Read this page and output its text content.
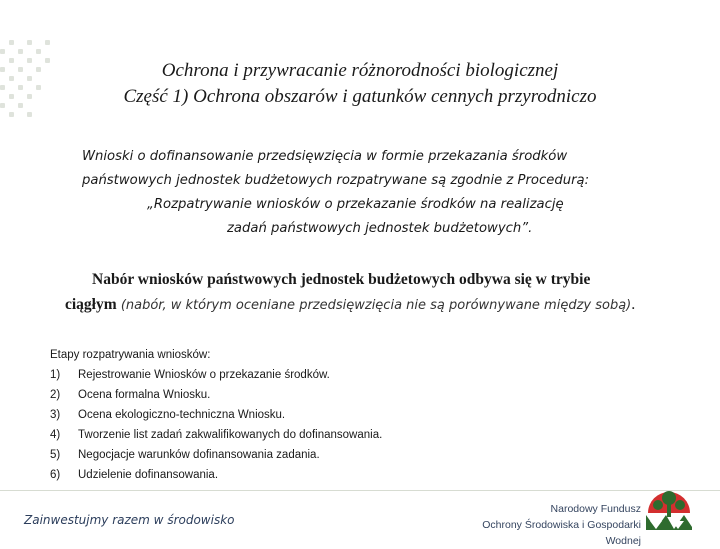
Ochrona i przywracanie różnorodności biologicznej
Część 1) Ochrona obszarów i gatunków cennych przyrodniczo
Wnioski o dofinansowanie przedsięwzięcia w formie przekazania środków
państwowych jednostek budżetowych rozpatrywane są zgodnie z Procedurą:
„Rozpatrywanie wniosków o przekazanie środków na realizację
zadań państwowych jednostek budżetowych”.
Nabór wniosków państwowych jednostek budżetowych odbywa się w trybie
ciągłym (nabór, w którym oceniane przedsięwzięcia nie są porównywane między sobą).
Etapy rozpatrywania wniosków:
1) Rejestrowanie Wniosków o przekazanie środków.
2) Ocena formalna Wniosku.
3) Ocena ekologiczno-techniczna Wniosku.
4) Tworzenie list zadań zakwalifikowanych do dofinansowania.
5) Negocjacje warunków dofinansowania zadania.
6) Udzielenie dofinansowania.
Zainwestujmy razem w środowisko
Narodowy Fundusz
Ochrony Środowiska i Gospodarki Wodnej
